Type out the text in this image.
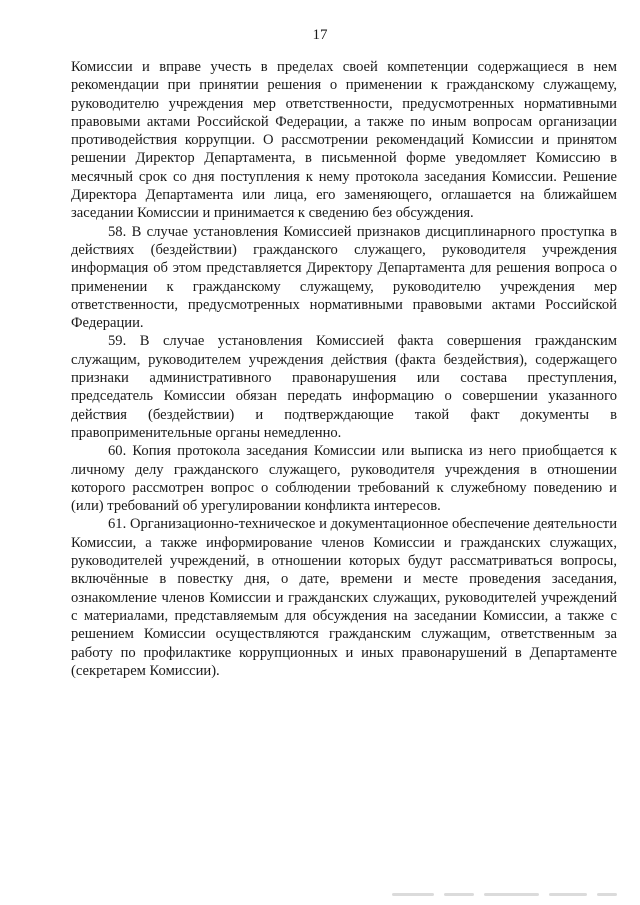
17

Комиссии и вправе учесть в пределах своей компетенции содержащиеся в нем рекомендации при принятии решения о применении к гражданскому служащему, руководителю учреждения мер ответственности, предусмотренных нормативными правовыми актами Российской Федерации, а также по иным вопросам организации противодействия коррупции. О рассмотрении рекомендаций Комиссии и принятом решении Директор Департамента, в письменной форме уведомляет Комиссию в месячный срок со дня поступления к нему протокола заседания Комиссии. Решение Директора Департамента или лица, его заменяющего, оглашается на ближайшем заседании Комиссии и принимается к сведению без обсуждения.

58. В случае установления Комиссией признаков дисциплинарного проступка в действиях (бездействии) гражданского служащего, руководителя учреждения информация об этом представляется Директору Департамента для решения вопроса о применении к гражданскому служащему, руководителю учреждения мер ответственности, предусмотренных нормативными правовыми актами Российской Федерации.

59. В случае установления Комиссией факта совершения гражданским служащим, руководителем учреждения действия (факта бездействия), содержащего признаки административного правонарушения или состава преступления, председатель Комиссии обязан передать информацию о совершении указанного действия (бездействии) и подтверждающие такой факт документы в правоприменительные органы немедленно.

60. Копия протокола заседания Комиссии или выписка из него приобщается к личному делу гражданского служащего, руководителя учреждения в отношении которого рассмотрен вопрос о соблюдении требований к служебному поведению и (или) требований об урегулировании конфликта интересов.

61. Организационно-техническое и документационное обеспечение деятельности Комиссии, а также информирование членов Комиссии и гражданских служащих, руководителей учреждений, в отношении которых будут рассматриваться вопросы, включённые в повестку дня, о дате, времени и месте проведения заседания, ознакомление членов Комиссии и гражданских служащих, руководителей учреждений с материалами, представляемым для обсуждения на заседании Комиссии, а также с решением Комиссии осуществляются гражданским служащим, ответственным за работу по профилактике коррупционных и иных правонарушений в Департаменте (секретарем Комиссии).
